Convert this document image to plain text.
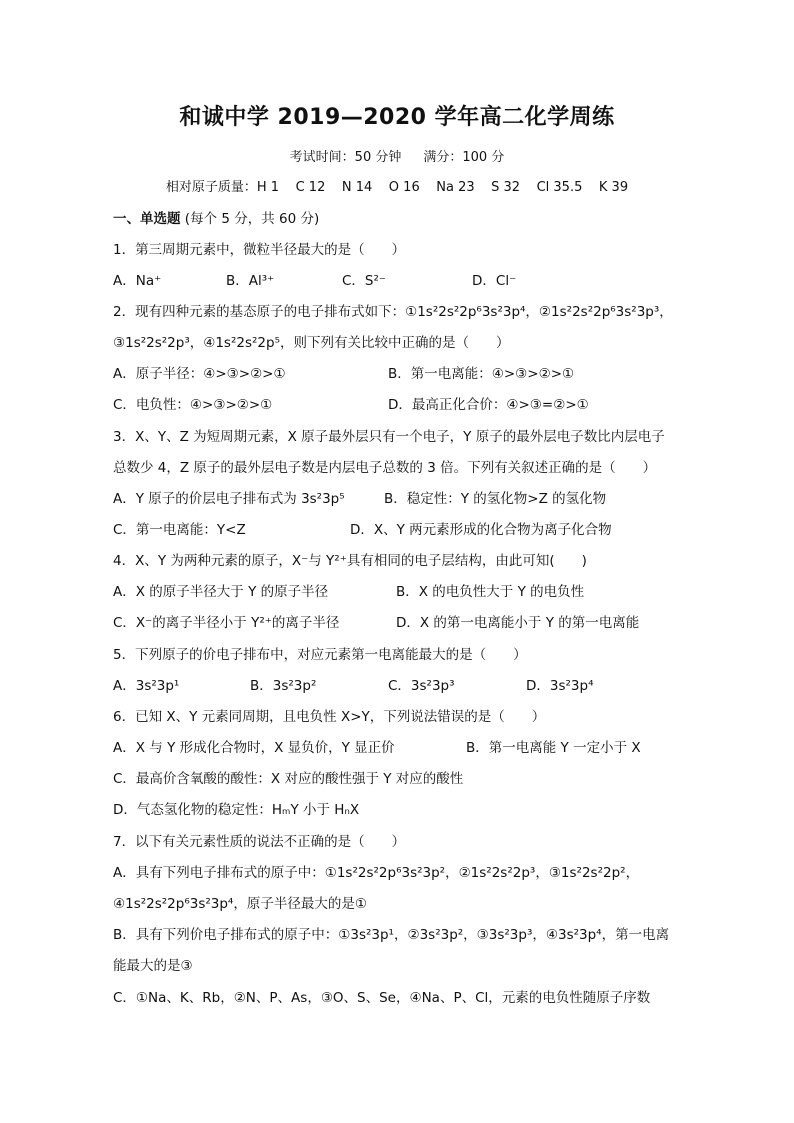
和诚中学 2019—2020 学年高二化学周练
考试时间：50 分钟 满分：100 分
相对原子质量：H 1    C 12    N 14    O 16    Na 23    S 32    Cl 35.5    K 39
一、单选题 (每个 5 分，共 60 分)
1．第三周期元素中，微粒半径最大的是（　　）
A．Na⁺	B．Al³⁺	C．S²⁻	D．Cl⁻
2．现有四种元素的基态原子的电子排布式如下：①1s²2s²2p⁶3s²3p⁴，②1s²2s²2p⁶3s²3p³，
③1s²2s²2p³，④1s²2s²2p⁵，则下列有关比较中正确的是（　　）
A．原子半径：④>③>②>①	B．第一电离能：④>③>②>①
C．电负性：④>③>②>①	D．最高正化合价：④>③=②>①
3．X、Y、Z 为短周期元素，X 原子最外层只有一个电子，Y 原子的最外层电子数比内层电子
总数少 4，Z 原子的最外层电子数是内层电子总数的 3 倍。下列有关叙述正确的是（　　）
A．Y 原子的价层电子排布式为 3s²3p⁵	B．稳定性：Y 的氢化物>Z 的氢化物
C．第一电离能：Y<Z	D．X、Y 两元素形成的化合物为离子化合物
4．X、Y 为两种元素的原子，X⁻与 Y²⁺具有相同的电子层结构，由此可知(　　)
A．X 的原子半径大于 Y 的原子半径	B．X 的电负性大于 Y 的电负性
C．X⁻的离子半径小于 Y²⁺的离子半径	D．X 的第一电离能小于 Y 的第一电离能
5．下列原子的价电子排布中，对应元素第一电离能最大的是（　　）
A．3s²3p¹	B．3s²3p²	C．3s²3p³	D．3s²3p⁴
6．已知 X、Y 元素同周期，且电负性 X>Y，下列说法错误的是（　　）
A．X 与 Y 形成化合物时，X 显负价，Y 显正价	B．第一电离能 Y 一定小于 X
C．最高价含氧酸的酸性：X 对应的酸性强于 Y 对应的酸性
D．气态氢化物的稳定性：HₘY 小于 HₙX
7．以下有关元素性质的说法不正确的是（　　）
A．具有下列电子排布式的原子中：①1s²2s²2p⁶3s²3p²，②1s²2s²2p³，③1s²2s²2p²，
④1s²2s²2p⁶3s²3p⁴，原子半径最大的是①
B．具有下列价电子排布式的原子中：①3s²3p¹，②3s²3p²，③3s²3p³，④3s²3p⁴，第一电离
能最大的是③
C．①Na、K、Rb，②N、P、As，③O、S、Se，④Na、P、Cl，元素的电负性随原子序数
